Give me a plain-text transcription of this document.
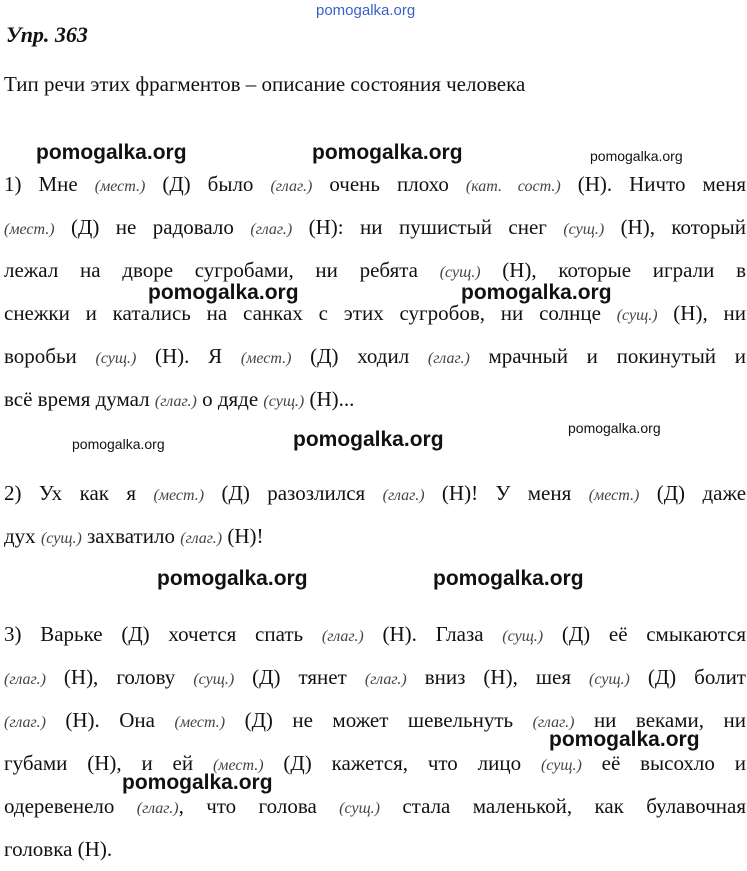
pomogalka.org
pomogalka.org	pomogalka.org	pomogalka.org
pomogalka.org	pomogalka.org
pomogalka.org	pomogalka.org	pomogalka.org
pomogalka.org	pomogalka.org
pomogalka.org
pomogalka.org
Упр. 363
Тип речи этих фрагментов – описание состояния человека
1) Мне (мест.) (Д) было (глаг.) очень плохо (кат. сост.) (Н). Ничто меня
(мест.) (Д) не радовало (глаг.) (Н): ни пушистый снег (сущ.) (Н), который
лежал на дворе сугробами, ни ребята (сущ.) (Н), которые играли в
снежки и катались на санках с этих сугробов, ни солнце (сущ.) (Н), ни
воробьи (сущ.) (Н). Я (мест.) (Д) ходил (глаг.) мрачный и покинутый и
всё время думал (глаг.) о дяде (сущ.) (Н)...
2) Ух как я (мест.) (Д) разозлился (глаг.) (Н)! У меня (мест.) (Д) даже
дух (сущ.) захватило (глаг.) (Н)!
3) Варьке (Д) хочется спать (глаг.) (Н). Глаза (сущ.) (Д) её смыкаются
(глаг.) (Н), голову (сущ.) (Д) тянет (глаг.) вниз (Н), шея (сущ.) (Д) болит
(глаг.) (Н). Она (мест.) (Д) не может шевельнуть (глаг.) ни веками, ни
губами (Н), и ей (мест.) (Д) кажется, что лицо (сущ.) её высохло и
одеревенело (глаг.), что голова (сущ.) стала маленькой, как булавочная
головка (Н).
